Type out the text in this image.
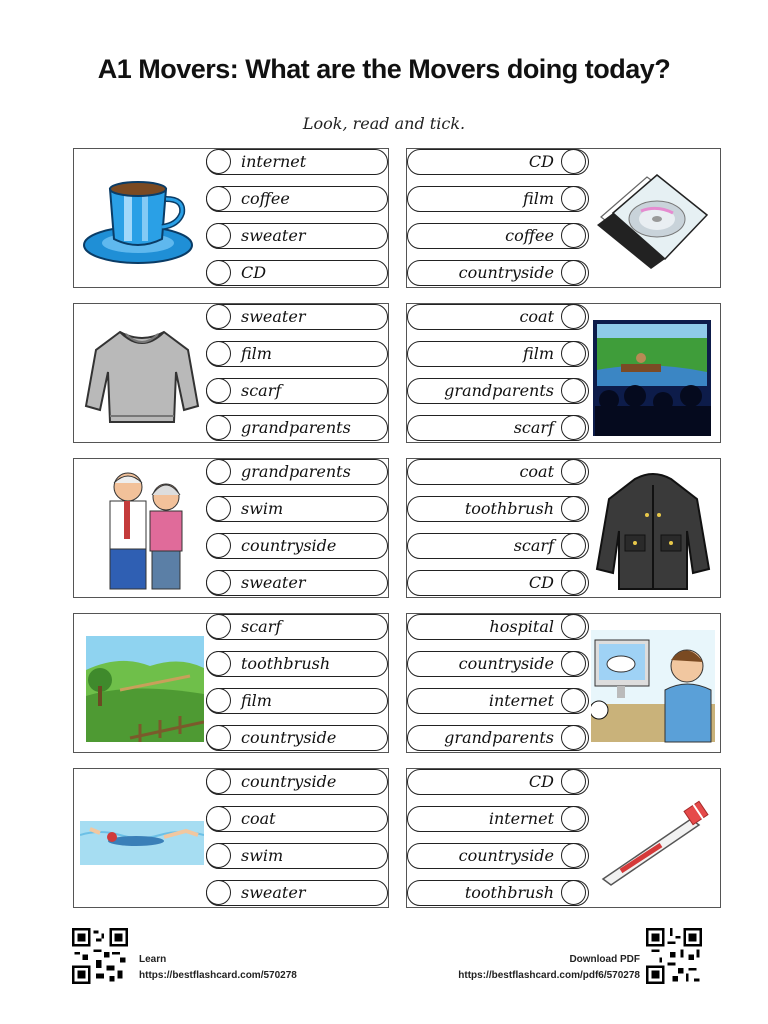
A1 Movers: What are the Movers doing today?
Look, read and tick.
internet
coffee
sweater
CD
CD
film
coffee
countryside
sweater
film
scarf
grandparents
coat
film
grandparents
scarf
grandparents
swim
countryside
sweater
coat
toothbrush
scarf
CD
scarf
toothbrush
film
countryside
hospital
countryside
internet
grandparents
countryside
coat
swim
sweater
CD
internet
countryside
toothbrush
Learn
https://bestflashcard.com/570278
Download PDF
https://bestflashcard.com/pdf6/570278
